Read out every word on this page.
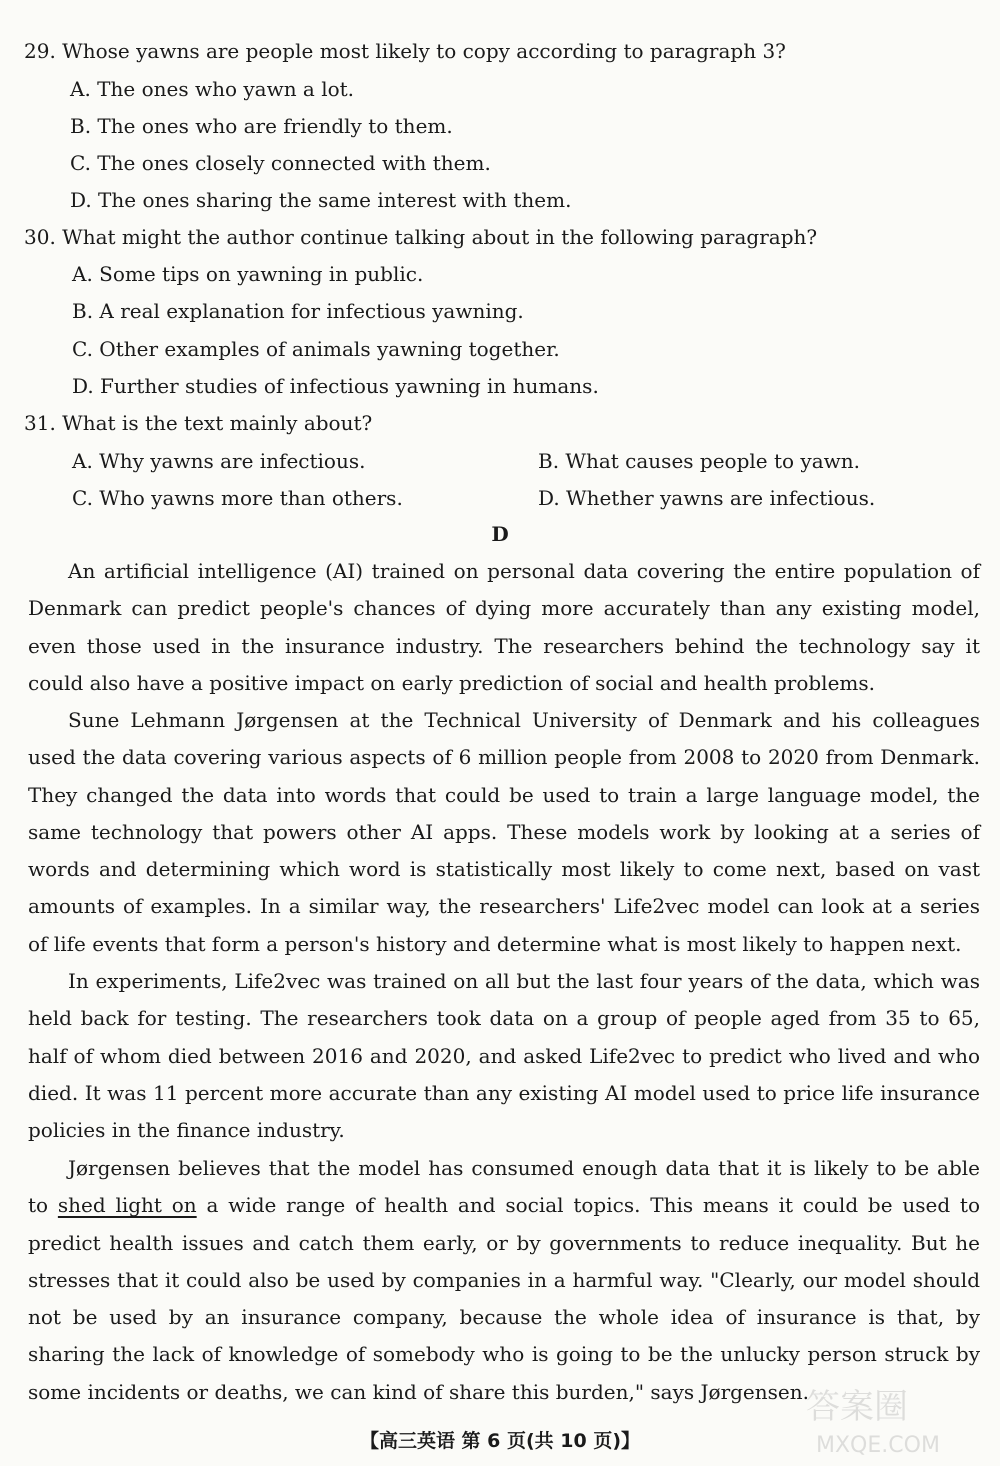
29. Whose yawns are people most likely to copy according to paragraph 3?
A. The ones who yawn a lot.
B. The ones who are friendly to them.
C. The ones closely connected with them.
D. The ones sharing the same interest with them.
30. What might the author continue talking about in the following paragraph?
A. Some tips on yawning in public.
B. A real explanation for infectious yawning.
C. Other examples of animals yawning together.
D. Further studies of infectious yawning in humans.
31. What is the text mainly about?
A. Why yawns are infectious.	B. What causes people to yawn.
C. Who yawns more than others.	D. Whether yawns are infectious.
D
An artificial intelligence (AI) trained on personal data covering the entire population of Denmark can predict people's chances of dying more accurately than any existing model, even those used in the insurance industry. The researchers behind the technology say it could also have a positive impact on early prediction of social and health problems.
Sune Lehmann Jørgensen at the Technical University of Denmark and his colleagues used the data covering various aspects of 6 million people from 2008 to 2020 from Denmark. They changed the data into words that could be used to train a large language model, the same technology that powers other AI apps. These models work by looking at a series of words and determining which word is statistically most likely to come next, based on vast amounts of examples. In a similar way, the researchers' Life2vec model can look at a series of life events that form a person's history and determine what is most likely to happen next.
In experiments, Life2vec was trained on all but the last four years of the data, which was held back for testing. The researchers took data on a group of people aged from 35 to 65, half of whom died between 2016 and 2020, and asked Life2vec to predict who lived and who died. It was 11 percent more accurate than any existing AI model used to price life insurance policies in the finance industry.
Jørgensen believes that the model has consumed enough data that it is likely to be able to shed light on a wide range of health and social topics. This means it could be used to predict health issues and catch them early, or by governments to reduce inequality. But he stresses that it could also be used by companies in a harmful way. "Clearly, our model should not be used by an insurance company, because the whole idea of insurance is that, by sharing the lack of knowledge of somebody who is going to be the unlucky person struck by some incidents or deaths, we can kind of share this burden," says Jørgensen.
【高三英语 第 6 页(共 10 页)】
答案圈
MXQE.COM
